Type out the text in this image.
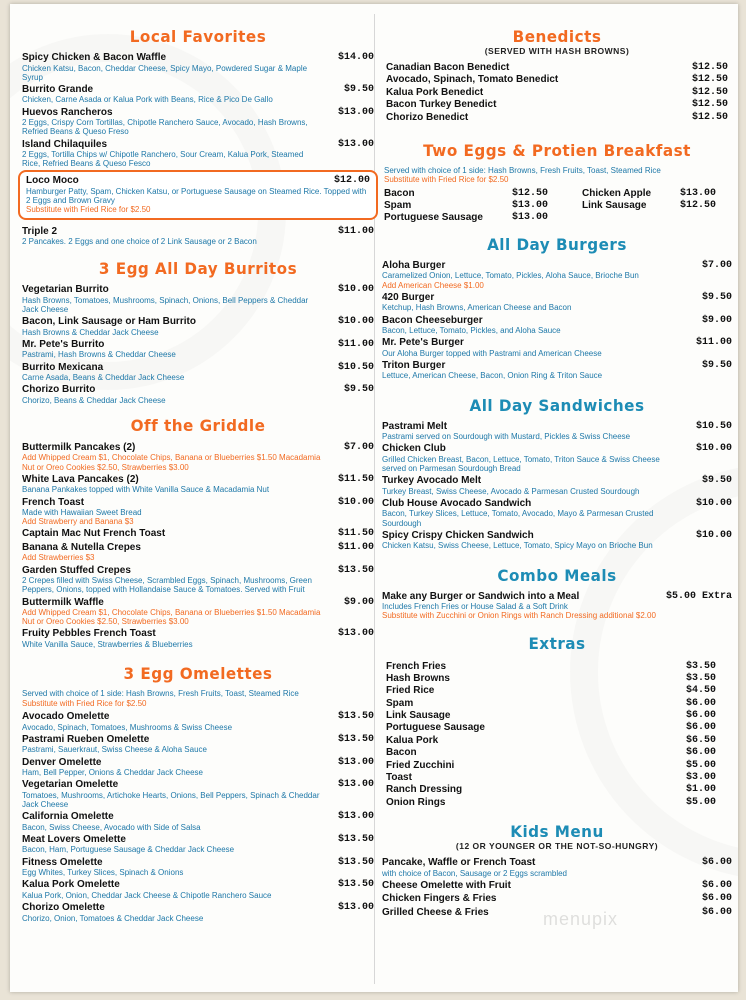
Local Favorites
Spicy Chicken & Bacon Waffle	$14.00
Chicken Katsu, Bacon, Cheddar Cheese, Spicy Mayo, Powdered Sugar & Maple Syrup
Burrito Grande	$9.50
Chicken, Carne Asada or Kalua Pork with Beans, Rice & Pico De Gallo
Huevos Rancheros	$13.00
2 Eggs, Crispy Corn Tortillas, Chipotle Ranchero Sauce, Avocado, Hash Browns, Refried Beans & Queso Freso
Island Chilaquiles	$13.00
2 Eggs, Tortilla Chips w/ Chipotle Ranchero, Sour Cream, Kalua Pork, Steamed Rice, Refried Beans & Queso Fesco
Loco Moco	$12.00
Hamburger Patty, Spam, Chicken Katsu, or Portuguese Sausage on Steamed Rice. Topped with 2 Eggs and Brown Gravy
Substitute with Fried Rice for $2.50
Triple 2	$11.00
2 Pancakes. 2 Eggs and one choice of 2 Link Sausage or 2 Bacon
3 Egg All Day Burritos
Vegetarian Burrito	$10.00
Hash Browns, Tomatoes, Mushrooms, Spinach, Onions, Bell Peppers & Cheddar Jack Cheese
Bacon, Link Sausage or Ham Burrito	$10.00
Hash Browns & Cheddar Jack Cheese
Mr. Pete's Burrito	$11.00
Pastrami, Hash Browns & Cheddar Cheese
Burrito Mexicana	$10.50
Carne Asada, Beans & Cheddar Jack Cheese
Chorizo Burrito	$9.50
Chorizo, Beans & Cheddar Jack Cheese
Off the Griddle
Buttermilk Pancakes (2)	$7.00
Add Whipped Cream $1, Chocolate Chips, Banana or Blueberries $1.50 Macadamia Nut or Oreo Cookies $2.50, Strawberries $3.00
White Lava Pancakes (2)	$11.50
Banana Pankakes topped with White Vanilla Sauce & Macadamia Nut
French Toast	$10.00
Made with Hawaiian Sweet Bread
Add Strawberry and Banana $3
Captain Mac Nut French Toast	$11.50
Banana & Nutella Crepes	$11.00
Add Strawberries $3
Garden Stuffed Crepes	$13.50
2 Crepes filled with Swiss Cheese, Scrambled Eggs, Spinach, Mushrooms, Green Peppers, Onions, topped with Hollandaise Sauce & Tomatoes. Served with Fruit
Buttermilk Waffle	$9.00
Add Whipped Cream $1, Chocolate Chips, Banana or Blueberries $1.50 Macadamia Nut or Oreo Cookies $2.50, Strawberries $3.00
Fruity Pebbles French Toast	$13.00
White Vanilla Sauce, Strawberries & Blueberries
3 Egg Omelettes
Served with choice of 1 side: Hash Browns, Fresh Fruits, Toast, Steamed Rice
Substitute with Fried Rice for $2.50
Avocado Omelette	$13.50
Avocado, Spinach, Tomatoes, Mushrooms & Swiss Cheese
Pastrami Rueben Omelette	$13.50
Pastrami, Sauerkraut, Swiss Cheese & Aloha Sauce
Denver Omelette	$13.00
Ham, Bell Pepper, Onions & Cheddar Jack Cheese
Vegetarian Omelette	$13.00
Tomatoes, Mushrooms, Artichoke Hearts, Onions, Bell Peppers, Spinach & Cheddar Jack Cheese
California Omelette	$13.00
Bacon, Swiss Cheese, Avocado with Side of Salsa
Meat Lovers Omelette	$13.50
Bacon, Ham, Portuguese Sausage & Cheddar Jack Cheese
Fitness Omelette	$13.50
Egg Whites, Turkey Slices, Spinach & Onions
Kalua Pork Omelette	$13.50
Kalua Pork, Onion, Cheddar Jack Cheese & Chipotle Ranchero Sauce
Chorizo Omelette	$13.00
Chorizo, Onion, Tomatoes & Cheddar Jack Cheese
Benedicts
(SERVED WITH HASH BROWNS)
Canadian Bacon Benedict	$12.50
Avocado, Spinach, Tomato Benedict	$12.50
Kalua Pork Benedict	$12.50
Bacon Turkey Benedict	$12.50
Chorizo Benedict	$12.50
Two Eggs & Protien Breakfast
Served with choice of 1 side: Hash Browns, Fresh Fruits, Toast, Steamed Rice
Substitute with Fried Rice for $2.50
Bacon	$12.50
Spam	$13.00
Portuguese Sausage	$13.00
Chicken Apple	$13.00
Link Sausage	$12.50
All Day Burgers
Aloha Burger	$7.00
Caramelized Onion, Lettuce, Tomato, Pickles, Aloha Sauce, Brioche Bun
Add American Cheese $1.00
420 Burger	$9.50
Ketchup, Hash Browns, American Cheese and Bacon
Bacon Cheeseburger	$9.00
Bacon, Lettuce, Tomato, Pickles, and Aloha Sauce
Mr. Pete's Burger	$11.00
Our Aloha Burger topped with Pastrami and American Cheese
Triton Burger	$9.50
Lettuce, American Cheese, Bacon, Onion Ring & Triton Sauce
All Day Sandwiches
Pastrami Melt	$10.50
Pastrami served on Sourdough with Mustard, Pickles & Swiss Cheese
Chicken Club	$10.00
Grilled Chicken Breast, Bacon, Lettuce, Tomato, Triton Sauce & Swiss Cheese served on Parmesan Sourdough Bread
Turkey Avocado Melt	$9.50
Turkey Breast, Swiss Cheese, Avocado & Parmesan Crusted Sourdough
Club House Avocado Sandwich	$10.00
Bacon, Turkey Slices, Lettuce, Tomato, Avocado, Mayo & Parmesan Crusted Sourdough
Spicy Crispy Chicken Sandwich	$10.00
Chicken Katsu, Swiss Cheese, Lettuce, Tomato, Spicy Mayo on Brioche Bun
Combo Meals
Make any Burger or Sandwich into a Meal	$5.00 Extra
Includes French Fries or House Salad & a Soft Drink
Substitute with Zucchini or Onion Rings with Ranch Dressing additional $2.00
Extras
French Fries	$3.50
Hash Browns	$3.50
Fried Rice	$4.50
Spam	$6.00
Link Sausage	$6.00
Portuguese Sausage	$6.00
Kalua Pork	$6.50
Bacon	$6.00
Fried Zucchini	$5.00
Toast	$3.00
Ranch Dressing	$1.00
Onion Rings	$5.00
Kids Menu
(12 OR YOUNGER OR THE NOT-SO-HUNGRY)
Pancake, Waffle or French Toast	$6.00
with choice of Bacon, Sausage or 2 Eggs scrambled
Cheese Omelette with Fruit	$6.00
Chicken Fingers & Fries	$6.00
Grilled Cheese & Fries	$6.00
menupix
